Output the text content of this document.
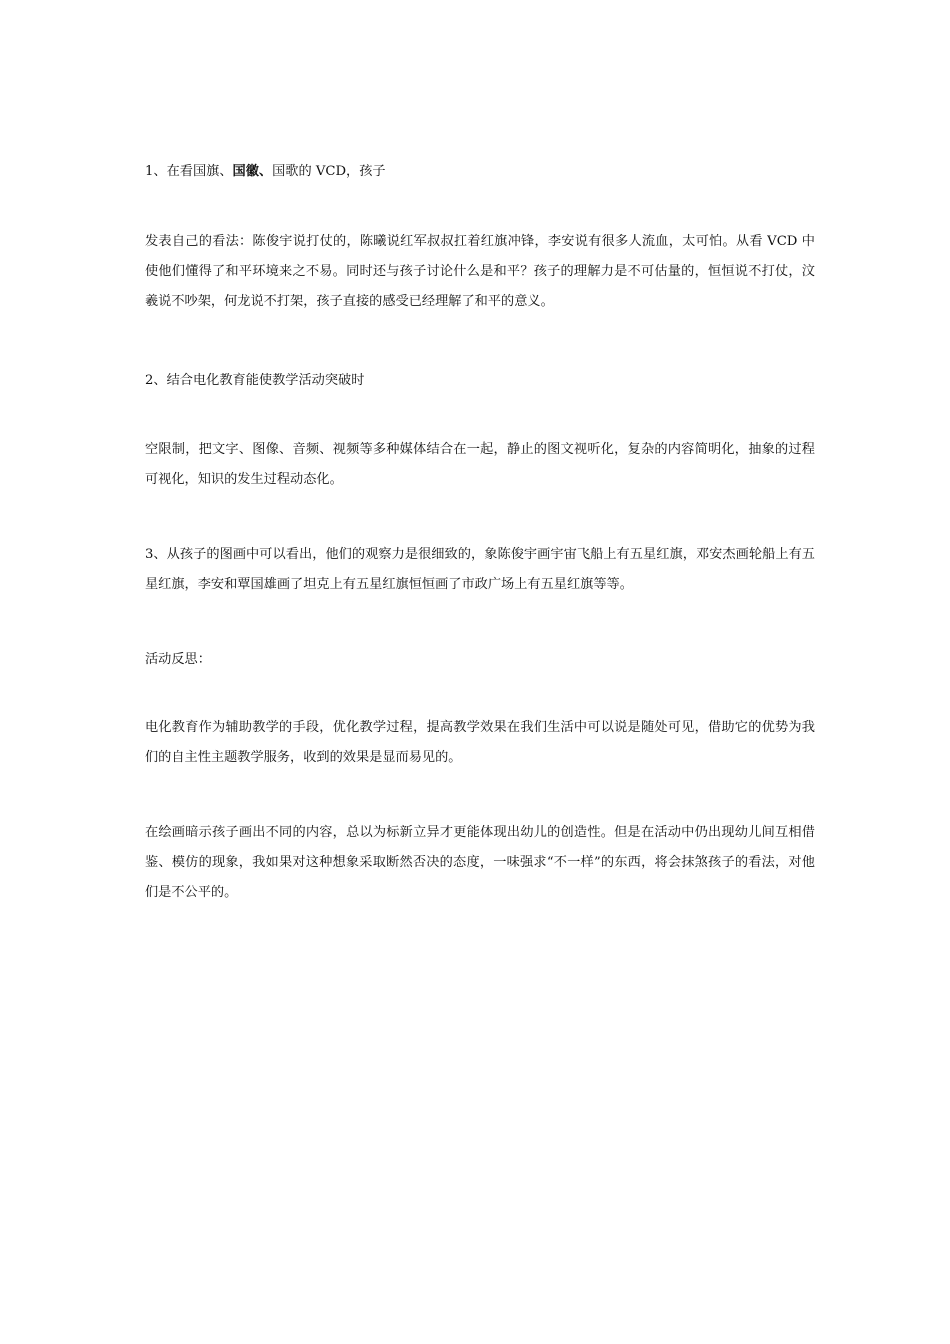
1、在看国旗、国徽、国歌的 VCD，孩子

发表自己的看法：陈俊宇说打仗的，陈曦说红军叔叔扛着红旗冲锋，李安说有很多人流血，太可怕。从看 VCD 中使他们懂得了和平环境来之不易。同时还与孩子讨论什么是和平？孩子的理解力是不可估量的，恒恒说不打仗，汶羲说不吵架，何龙说不打架，孩子直接的感受已经理解了和平的意义。

2、结合电化教育能使教学活动突破时

空限制，把文字、图像、音频、视频等多种媒体结合在一起，静止的图文视听化，复杂的内容简明化，抽象的过程可视化，知识的发生过程动态化。

3、从孩子的图画中可以看出，他们的观察力是很细致的，象陈俊宇画宇宙飞船上有五星红旗，邓安杰画轮船上有五星红旗，李安和覃国雄画了坦克上有五星红旗恒恒画了市政广场上有五星红旗等等。

活动反思：

电化教育作为辅助教学的手段，优化教学过程，提高教学效果在我们生活中可以说是随处可见，借助它的优势为我们的自主性主题教学服务，收到的效果是显而易见的。

在绘画暗示孩子画出不同的内容，总以为标新立异才更能体现出幼儿的创造性。但是在活动中仍出现幼儿间互相借鉴、模仿的现象，我如果对这种想象采取断然否决的态度，一味强求“不一样”的东西，将会抹煞孩子的看法，对他们是不公平的。
